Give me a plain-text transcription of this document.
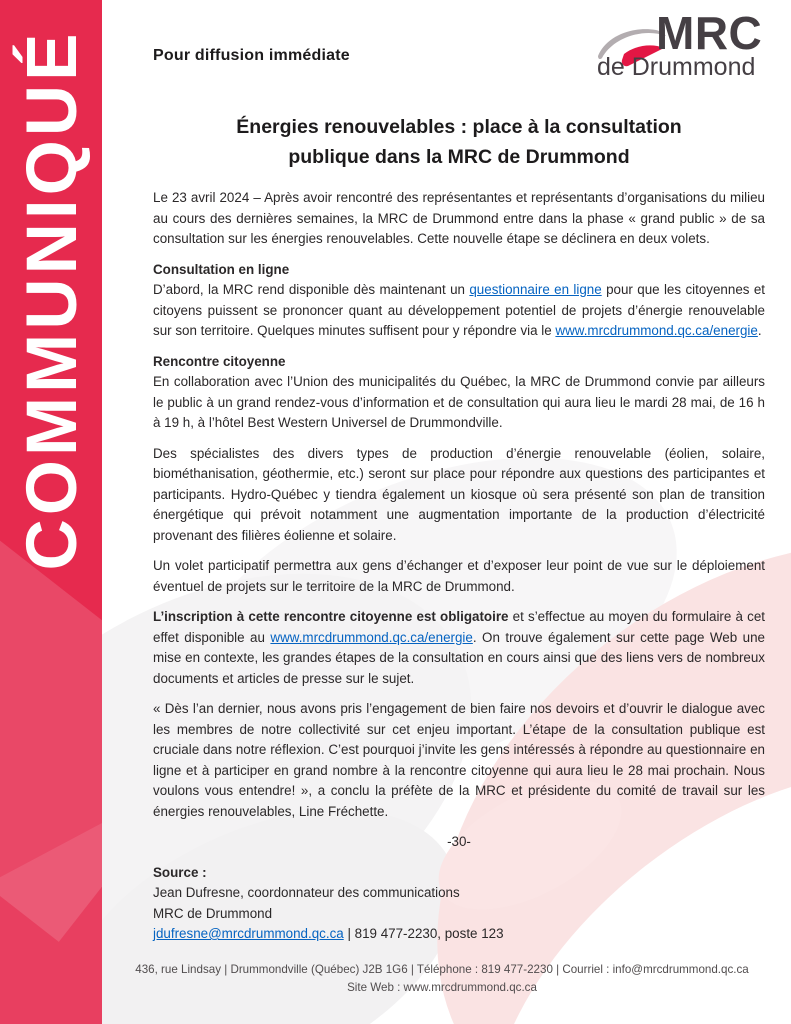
COMMUNIQUÉ	Pour diffusion immédiate	MRC
de Drummond
Énergies renouvelables : place à la consultation
publique dans la MRC de Drummond

Le 23 avril 2024 – Après avoir rencontré des représentantes et représentants d’organisations du milieu au cours des dernières semaines, la MRC de Drummond entre dans la phase « grand public » de sa consultation sur les énergies renouvelables. Cette nouvelle étape se déclinera en deux volets.

Consultation en ligne

D’abord, la MRC rend disponible dès maintenant un questionnaire en ligne pour que les citoyennes et citoyens puissent se prononcer quant au développement potentiel de projets d’énergie renouvelable sur son territoire. Quelques minutes suffisent pour y répondre via le www.mrcdrummond.qc.ca/energie.

Rencontre citoyenne

En collaboration avec l’Union des municipalités du Québec, la MRC de Drummond convie par ailleurs le public à un grand rendez-vous d’information et de consultation qui aura lieu le mardi 28 mai, de 16 h à 19 h, à l’hôtel Best Western Universel de Drummondville.

Des spécialistes des divers types de production d’énergie renouvelable (éolien, solaire, biométhanisation, géothermie, etc.) seront sur place pour répondre aux questions des participantes et participants. Hydro-Québec y tiendra également un kiosque où sera présenté son plan de transition énergétique qui prévoit notamment une augmentation importante de la production d’électricité provenant des filières éolienne et solaire.

Un volet participatif permettra aux gens d’échanger et d’exposer leur point de vue sur le déploiement éventuel de projets sur le territoire de la MRC de Drummond.

L’inscription à cette rencontre citoyenne est obligatoire et s’effectue au moyen du formulaire à cet effet disponible au www.mrcdrummond.qc.ca/energie. On trouve également sur cette page Web une mise en contexte, les grandes étapes de la consultation en cours ainsi que des liens vers de nombreux documents et articles de presse sur le sujet.

« Dès l’an dernier, nous avons pris l’engagement de bien faire nos devoirs et d’ouvrir le dialogue avec les membres de notre collectivité sur cet enjeu important. L’étape de la consultation publique est cruciale dans notre réflexion. C’est pourquoi j’invite les gens intéressés à répondre au questionnaire en ligne et à participer en grand nombre à la rencontre citoyenne qui aura lieu le 28 mai prochain. Nous voulons vous entendre! », a conclu la préfète de la MRC et présidente du comité de travail sur les énergies renouvelables, Line Fréchette.

-30-

Source :

Jean Dufresne, coordonnateur des communications

MRC de Drummond

jdufresne@mrcdrummond.qc.ca | 819 477-2230, poste 123

436, rue Lindsay | Drummondville (Québec) J2B 1G6 | Téléphone : 819 477-2230 | Courriel : info@mrcdrummond.qc.ca
Site Web : www.mrcdrummond.qc.ca
